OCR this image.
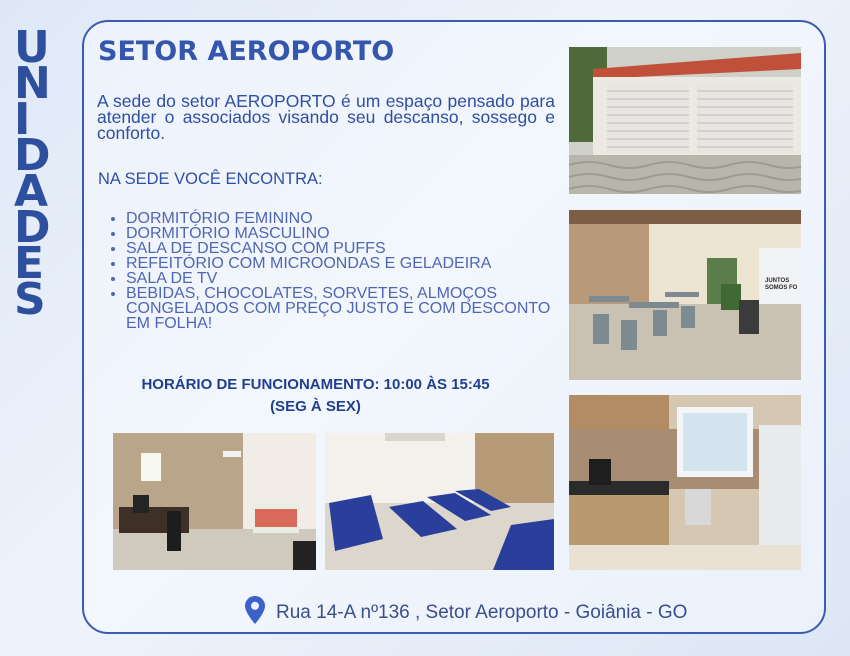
U
N
I
D
A
D
E
S
SETOR AEROPORTO

A sede do setor AEROPORTO é um espaço pensado para atender o associados visando seu descanso, sossego e conforto.

NA SEDE VOCÊ ENCONTRA:

• DORMITÓRIO FEMININO
• DORMITÓRIO MASCULINO
• SALA DE DESCANSO COM PUFFS
• REFEITÓRIO COM MICROONDAS E GELADEIRA
• SALA DE TV
• BEBIDAS, CHOCOLATES, SORVETES, ALMOÇOS CONGELADOS COM PREÇO JUSTO E COM DESCONTO EM FOLHA!
HORÁRIO DE FUNCIONAMENTO: 10:00 ÀS 15:45
(SEG À SEX)
JUNTOS SOMOS FO
Rua 14-A nº136 , Setor Aeroporto - Goiânia - GO
